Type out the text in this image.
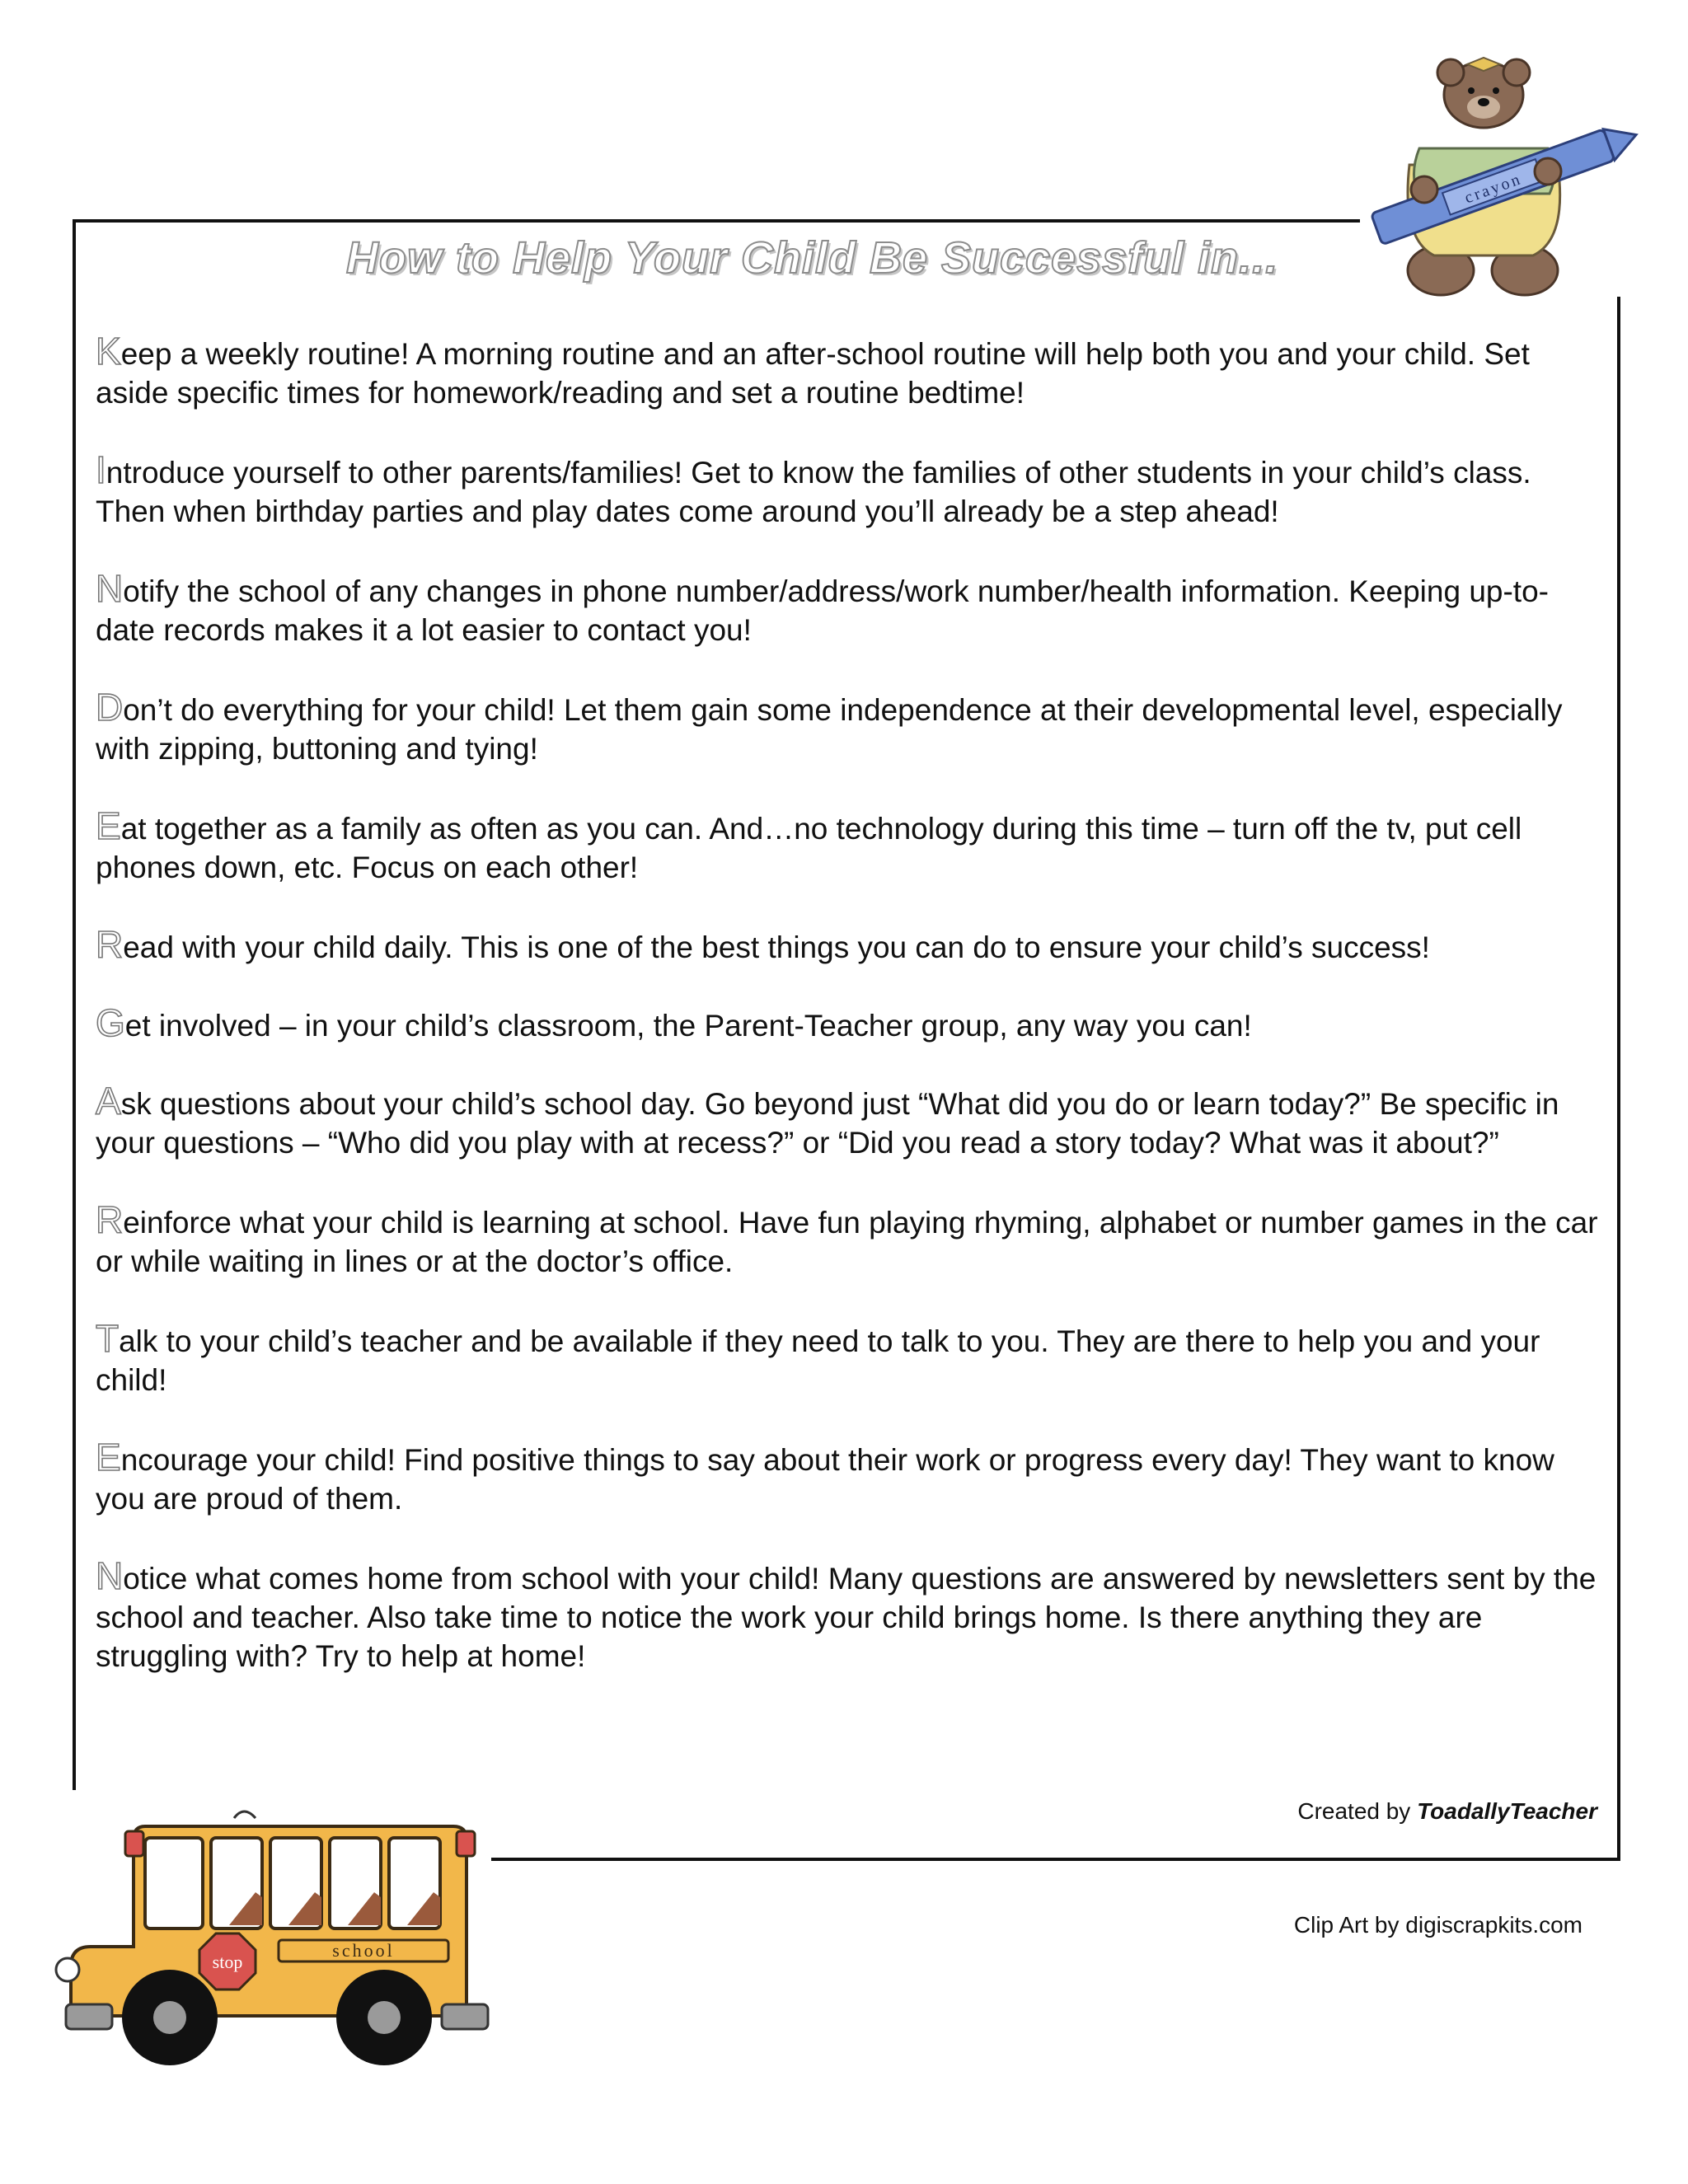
How to Help Your Child Be Successful in...
crayon

Keep a weekly routine! A morning routine and an after-school routine will help both you and your child. Set aside specific times for homework/reading and set a routine bedtime!

Introduce yourself to other parents/families! Get to know the families of other students in your child’s class. Then when birthday parties and play dates come around you’ll already be a step ahead!

Notify the school of any changes in phone number/address/work number/health information. Keeping up-to-date records makes it a lot easier to contact you!

Don’t do everything for your child! Let them gain some independence at their developmental level, especially with zipping, buttoning and tying!

Eat together as a family as often as you can. And…no technology during this time – turn off the tv, put cell phones down, etc. Focus on each other!

Read with your child daily. This is one of the best things you can do to ensure your child’s success!

Get involved – in your child’s classroom, the Parent-Teacher group, any way you can!

Ask questions about your child’s school day. Go beyond just “What did you do or learn today?” Be specific in your questions – “Who did you play with at recess?” or “Did you read a story today? What was it about?”

Reinforce what your child is learning at school. Have fun playing rhyming, alphabet or number games in the car or while waiting in lines or at the doctor’s office.

Talk to your child’s teacher and be available if they need to talk to you. They are there to help you and your child!

Encourage your child! Find positive things to say about their work or progress every day! They want to know you are proud of them.

Notice what comes home from school with your child! Many questions are answered by newsletters sent by the school and teacher. Also take time to notice the work your child brings home. Is there anything they are struggling with? Try to help at home!

Created by ToadallyTeacher
Clip Art by digiscrapkits.com
school
stop
